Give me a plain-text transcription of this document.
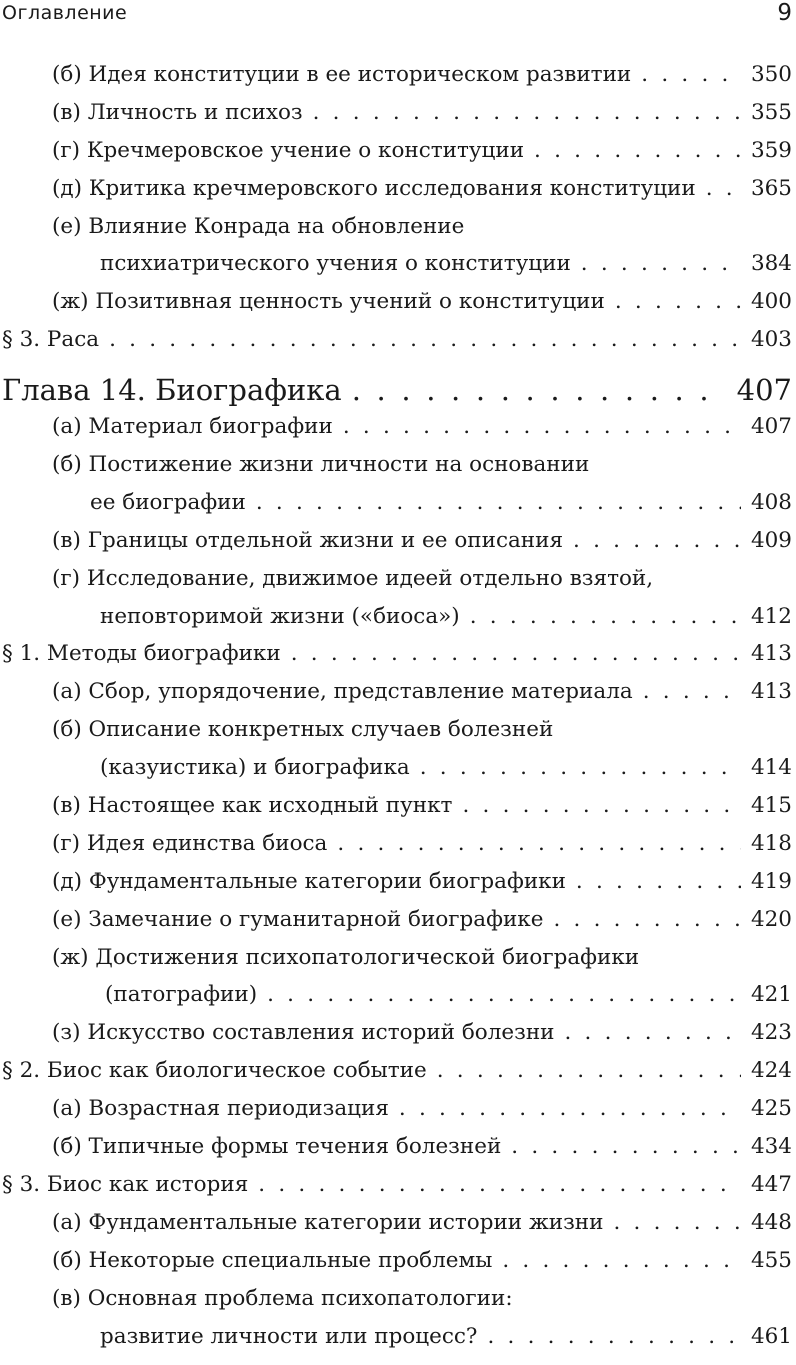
Оглавление	9
(б) Идея конституции в ее историческом развитии . . .	350
(в) Личность и психоз . . .	355
(г) Кречмеровское учение о конституции . . .	359
(д) Критика кречмеровского исследования конституции . . .	365
(е) Влияние Конрада на обновление
психиатрического учения о конституции . . .	384
(ж) Позитивная ценность учений о конституции . . .	400
§ 3. Раса . . .	403
Глава 14. Биографика . . .	407
(а) Материал биографии . . .	407
(б) Постижение жизни личности на основании
ее биографии . . .	408
(в) Границы отдельной жизни и ее описания . . .	409
(г) Исследование, движимое идеей отдельно взятой,
неповторимой жизни («биоса») . . .	412
§ 1. Методы биографики . . .	413
(а) Сбор, упорядочение, представление материала . . .	413
(б) Описание конкретных случаев болезней
(казуистика) и биографика . . .	414
(в) Настоящее как исходный пункт . . .	415
(г) Идея единства биоса . . .	418
(д) Фундаментальные категории биографики . . .	419
(е) Замечание о гуманитарной биографике . . .	420
(ж) Достижения психопатологической биографики
(патографии) . . .	421
(з) Искусство составления историй болезни . . .	423
§ 2. Биос как биологическое событие . . .	424
(а) Возрастная периодизация . . .	425
(б) Типичные формы течения болезней . . .	434
§ 3. Биос как история . . .	447
(а) Фундаментальные категории истории жизни . . .	448
(б) Некоторые специальные проблемы . . .	455
(в) Основная проблема психопатологии:
развитие личности или процесс? . . .	461
